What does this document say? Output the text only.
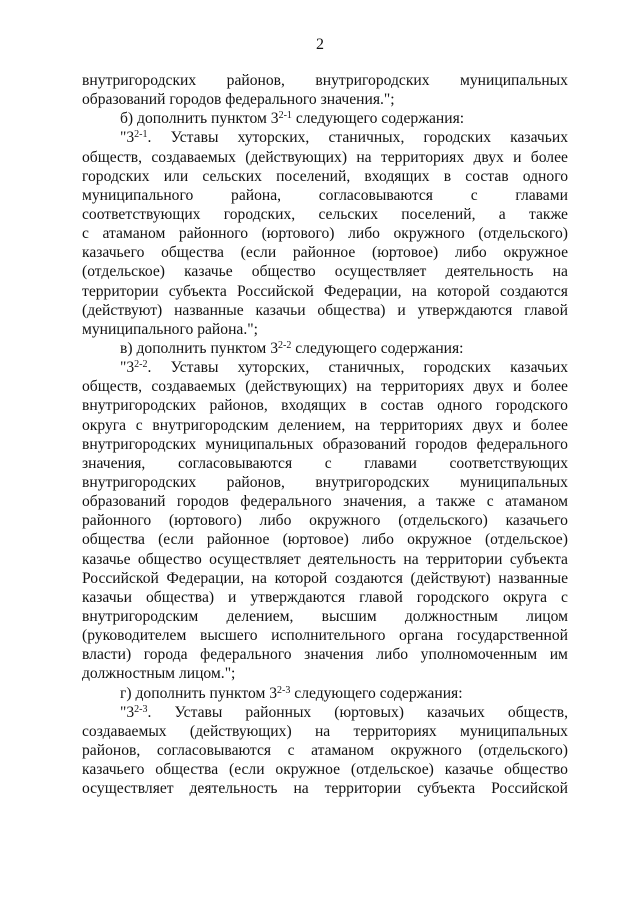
2
внутригородских районов, внутригородских муниципальных
образований
городов
федерального
значения.";
б)
дополнить
пунктом
3$^{2-1}$
следующего
содержания:
"3$^{2-1}$. Уставы хуторских, станичных, городских казачьих
обществ, создаваемых (действующих) на территориях двух и более
городских или сельских поселений, входящих в состав одного
муниципального района, согласовываются с главами
соответствующих городских, сельских поселений, а также
с атаманом районного (юртового) либо окружного (отдельского)
казачьего общества (если районное (юртовое) либо окружное
(отдельское) казачье общество осуществляет деятельность на
территории субъекта Российской Федерации, на которой создаются
(действуют) названные казачьи общества) и утверждаются главой
муниципального
района.";
в)
дополнить
пунктом
3$^{2-2}$
следующего
содержания:
"3$^{2-2}$. Уставы хуторских, станичных, городских казачьих
обществ, создаваемых (действующих) на территориях двух и более
внутригородских районов, входящих в состав одного городского
округа с внутригородским делением, на территориях двух и более
внутригородских муниципальных образований городов федерального
значения, согласовываются с главами соответствующих
внутригородских районов, внутригородских муниципальных
образований городов федерального значения, а также с атаманом
районного (юртового) либо окружного (отдельского) казачьего
общества (если районное (юртовое) либо окружное (отдельское)
казачье общество осуществляет деятельность на территории субъекта
Российской Федерации, на которой создаются (действуют) названные
казачьи общества) и утверждаются главой городского округа с
внутригородским делением, высшим должностным лицом
(руководителем высшего исполнительного органа государственной
власти) города федерального значения либо уполномоченным им
должностным
лицом.";
г)
дополнить
пунктом
3$^{2-3}$
следующего
содержания:
"3$^{2-3}$. Уставы районных (юртовых) казачьих обществ,
создаваемых (действующих) на территориях муниципальных
районов, согласовываются с атаманом окружного (отдельского)
казачьего общества (если окружное (отдельское) казачье общество
осуществляет деятельность на территории субъекта Российской
